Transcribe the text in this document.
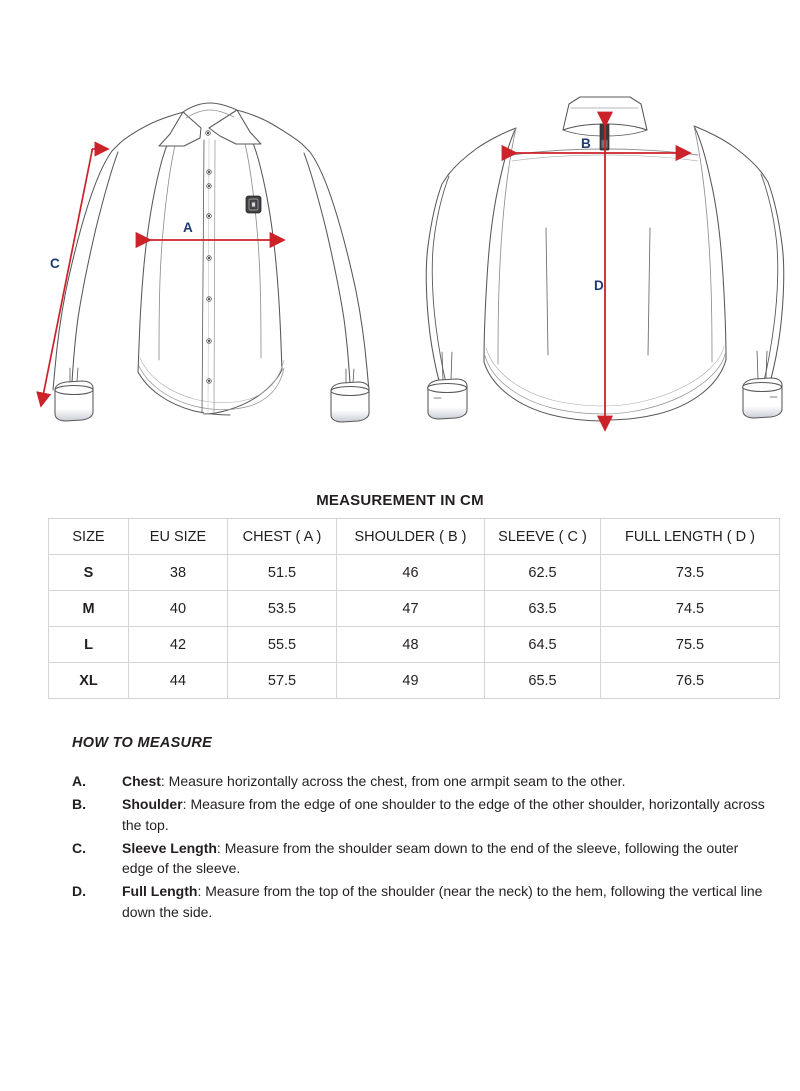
A
C
B
D
MEASUREMENT IN CM
SIZE	EU SIZE	CHEST ( A )	SHOULDER ( B )	SLEEVE ( C )	FULL LENGTH ( D )
S	38	51.5	46	62.5	73.5
M	40	53.5	47	63.5	74.5
L	42	55.5	48	64.5	75.5
XL	44	57.5	49	65.5	76.5
HOW TO MEASURE
A.	Chest: Measure horizontally across the chest, from one armpit seam to the other.
B.	Shoulder: Measure from the edge of one shoulder to the edge of the other shoulder, horizontally across the top.
C.	Sleeve Length: Measure from the shoulder seam down to the end of the sleeve, following the outer edge of the sleeve.
D.	Full Length: Measure from the top of the shoulder (near the neck) to the hem, following the vertical line down the side.
